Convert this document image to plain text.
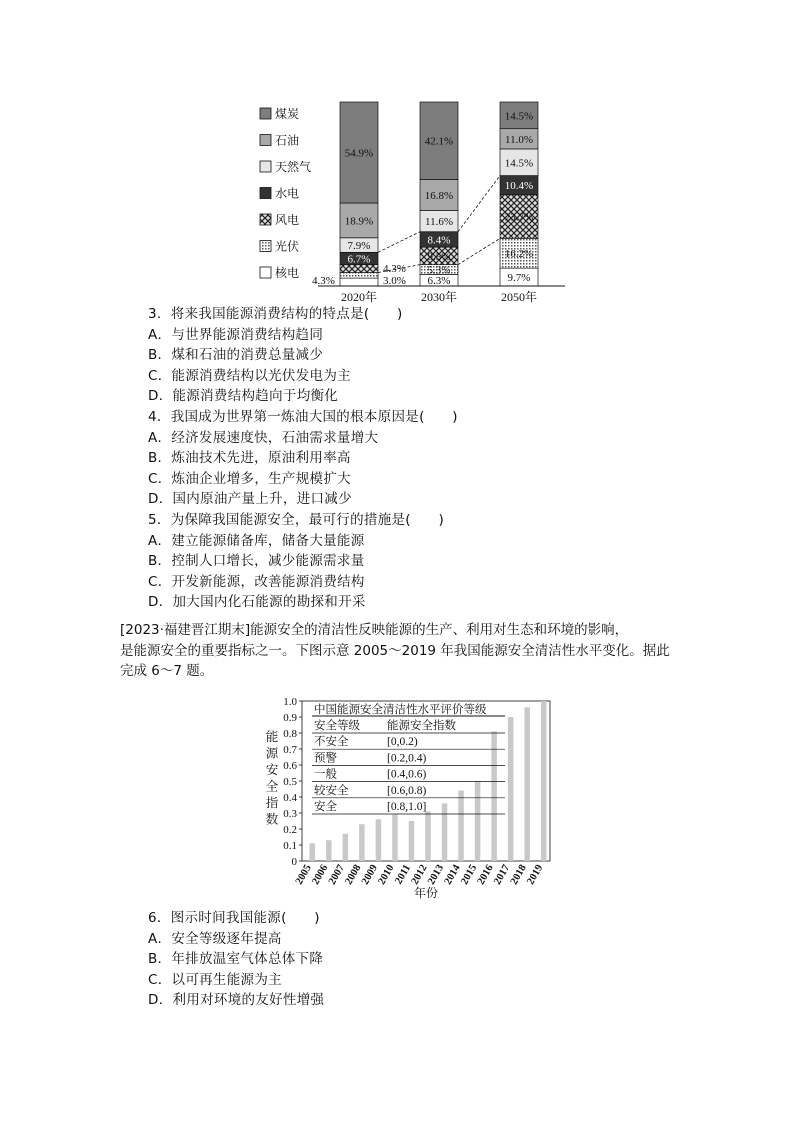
煤炭
石油
天然气
水电
风电
光伏
核电
6.7%
7.9%
18.9%
54.9%
2020年
6.3%
5.3%
9.5%
8.4%
11.6%
16.8%
42.1%
2030年
9.7%
16.2%
23.7%
10.4%
14.5%
11.0%
14.5%
2050年
4.3%	3.0%
4.3%
3．将来我国能源消费结构的特点是(　　)
A．与世界能源消费结构趋同
B．煤和石油的消费总量减少
C．能源消费结构以光伏发电为主
D．能源消费结构趋向于均衡化
4．我国成为世界第一炼油大国的根本原因是(　　)
A．经济发展速度快，石油需求量增大
B．炼油技术先进，原油利用率高
C．炼油企业增多，生产规模扩大
D．国内原油产量上升，进口减少
5．为保障我国能源安全，最可行的措施是(　　)
A．建立能源储备库，储备大量能源
B．控制人口增长，减少能源需求量
C．开发新能源，改善能源消费结构
D．加大国内化石能源的勘探和开采
[2023·福建晋江期末]能源安全的清洁性反映能源的生产、利用对生态和环境的影响，
是能源安全的重要指标之一。下图示意 2005～2019 年我国能源安全清洁性水平变化。据此
完成 6～7 题。
0
0.1
0.2
0.3
0.4
0.5
0.6
0.7
0.8
0.9
1.0
能
源
安
全
指
数
2005
2006
2007
2008
2009
2010
2011
2012
2013
2014
2015
2016
2017
2018
2019
年份
中国能源安全清洁性水平评价等级
安全等级 能源安全指数
不安全	[0,0.2)
预警	[0.2,0.4)
一般	[0.4,0.6)
较安全	[0.6,0.8)
安全	[0.8,1.0]
6．图示时间我国能源(　　)
A．安全等级逐年提高
B．年排放温室气体总体下降
C．以可再生能源为主
D．利用对环境的友好性增强
